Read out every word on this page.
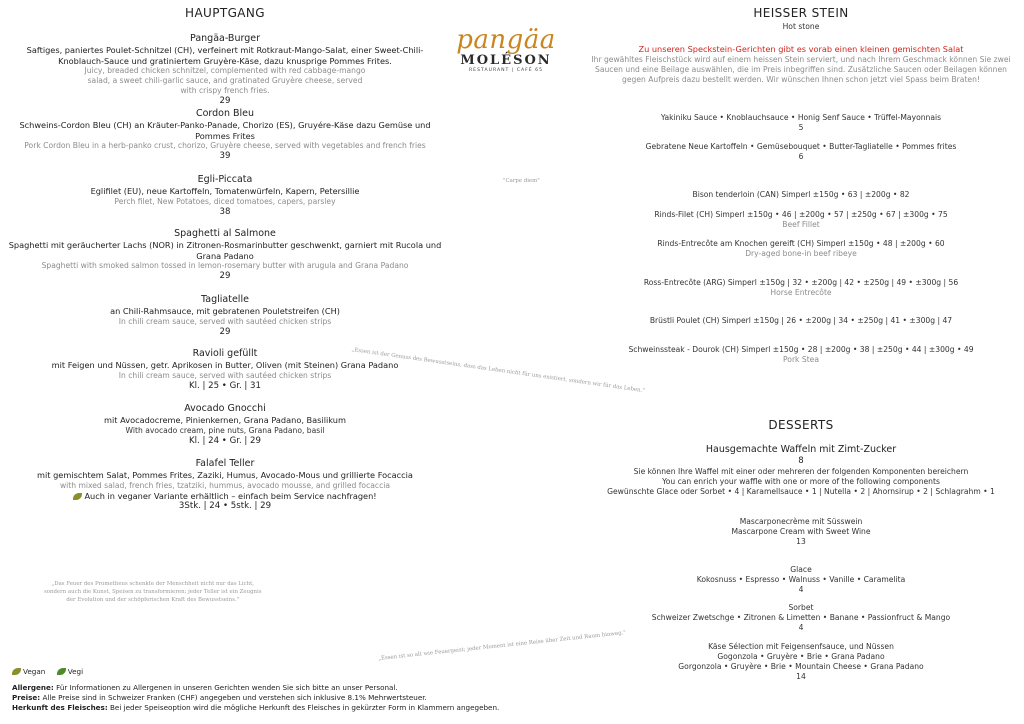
HAUPTGANG
Pangäa-Burger
Saftiges, paniertes Poulet-Schnitzel (CH), verfeinert mit Rotkraut-Mango-Salat, einer Sweet-Chili-Knoblauch-Sauce und gratiniertem Gruyère-Käse, dazu knusprige Pommes Frites.
Juicy, breaded chicken schnitzel, complemented with red cabbage-mango salad, a sweet chili-garlic sauce, and gratinated Gruyère cheese, served with crispy french fries.
29
Cordon Bleu
Schweins-Cordon Bleu (CH) an Kräuter-Panko-Panade, Chorizo (ES), Gruyére-Käse dazu Gemüse und Pommes Frites
Pork Cordon Bleu in a herb-panko crust, chorizo, Gruyère cheese, served with vegetables and french fries
39
Egli-Piccata
Eglifilet (EU), neue Kartoffeln, Tomatenwürfeln, Kapern, Petersillie
Perch filet, New Potatoes, diced tomatoes, capers, parsley
38
Spaghetti al Salmone
Spaghetti mit geräucherter Lachs (NOR) in Zitronen-Rosmarinbutter geschwenkt, garniert mit Rucola und Grana Padano
Spaghetti with smoked salmon tossed in lemon-rosemary butter with arugula and Grana Padano
29
Tagliatelle
an Chili-Rahmsauce, mit gebratenen Pouletstreifen (CH)
In chili cream sauce, served with sautéed chicken strips
29
Ravioli gefüllt
mit Feigen und Nüssen, getr. Aprikosen in Butter, Oliven (mit Steinen) Grana Padano
In chili cream sauce, served with sautéed chicken strips
Kl. | 25 • Gr. | 31
Avocado Gnocchi
mit Avocadocreme, Pinienkernen, Grana Padano, Basilikum
With avocado cream, pine nuts, Grana Padano, basil
Kl. | 24 • Gr. | 29
Falafel Teller
mit gemischtem Salat, Pommes Frites, Zaziki, Humus, Avocado-Mous und grillierte Focaccia
with mixed salad, french fries, tzatziki, hummus, avocado mousse, and grilled focaccia
Auch in veganer Variante erhältlich – einfach beim Service nachfragen!
3Stk. | 24 • 5stk. | 29
pangäa
MOLÉSON
RESTAURANT | CAFÉ 65
"Carpe diem"
„Essen ist der Genuss des Bewusstseins, dass das Leben nicht für uns existiert, sondern wir für das Leben."
„Das Feuer des Prometheus schenkte der Menschheit nicht nur das Licht,
sondern auch die Kunst, Speisen zu transformieren; jeder Teller ist ein Zeugnis
der Evolution und der schöpferischen Kraft des Bewusstseins."
„Essen ist so alt wie Feuergeist; jeder Moment ist eine Reise über Zeit und Raum hinweg."
HEISSER STEIN
Hot stone
Zu unseren Speckstein-Gerichten gibt es vorab einen kleinen gemischten Salat
Ihr gewähltes Fleischstück wird auf einem heissen Stein serviert, und nach Ihrem Geschmack können Sie zwei
Saucen und eine Beilage auswählen, die im Preis inbegriffen sind. Zusätzliche Saucen oder Beilagen können
gegen Aufpreis dazu bestellt werden. Wir wünschen Ihnen schon jetzt viel Spass beim Braten!
Yakiniku Sauce • Knoblauchsauce • Honig Senf Sauce • Trüffel-Mayonnais
5
Gebratene Neue Kartoffeln • Gemüsebouquet • Butter-Tagliatelle • Pommes frites
6
Bison tenderloin (CAN) Simperl ±150g • 63 | ±200g • 82
Rinds-Filet (CH) Simperl ±150g • 46 | ±200g • 57 | ±250g • 67 | ±300g • 75
Beef Fillet
Rinds-Entrecôte am Knochen gereift (CH) Simperl ±150g • 48 | ±200g • 60
Dry-aged bone-in beef ribeye
Ross-Entrecôte (ARG) Simperl ±150g | 32 • ±200g | 42 • ±250g | 49 • ±300g | 56
Horse Entrecôte
Brüstli Poulet (CH) Simperl ±150g | 26 • ±200g | 34 • ±250g | 41 • ±300g | 47
Schweinssteak - Dourok (CH) Simperl ±150g • 28 | ±200g • 38 | ±250g • 44 | ±300g • 49
Pork Stea
DESSERTS
Hausgemachte Waffeln mit Zimt-Zucker
8
Sie können Ihre Waffel mit einer oder mehreren der folgenden Komponenten bereichern
You can enrich your waffle with one or more of the following components
Gewünschte Glace oder Sorbet • 4 | Karamellsauce • 1 | Nutella • 2 | Ahornsirup • 2 | Schlagrahm • 1
Mascarponecrème mit Süsswein
Mascarpone Cream with Sweet Wine
13
Glace
Kokosnuss • Espresso • Walnuss • Vanille • Caramelita
4
Sorbet
Schweizer Zwetschge • Zitronen & Limetten • Banane • Passionfruct & Mango
4
Käse Sélection mit Feigensenfsauce, und Nüssen
Gogonzola • Gruyère • Brie • Grana Padano
Gorgonzola • Gruyère • Brie • Mountain Cheese • Grana Padano
14
Vegan	Vegi
Allergene: Für Informationen zu Allergenen in unseren Gerichten wenden Sie sich bitte an unser Personal.
Preise: Alle Preise sind in Schweizer Franken (CHF) angegeben und verstehen sich inklusive 8.1% Mehrwertsteuer.
Herkunft des Fleisches: Bei jeder Speiseoption wird die mögliche Herkunft des Fleisches in gekürzter Form in Klammern angegeben.
